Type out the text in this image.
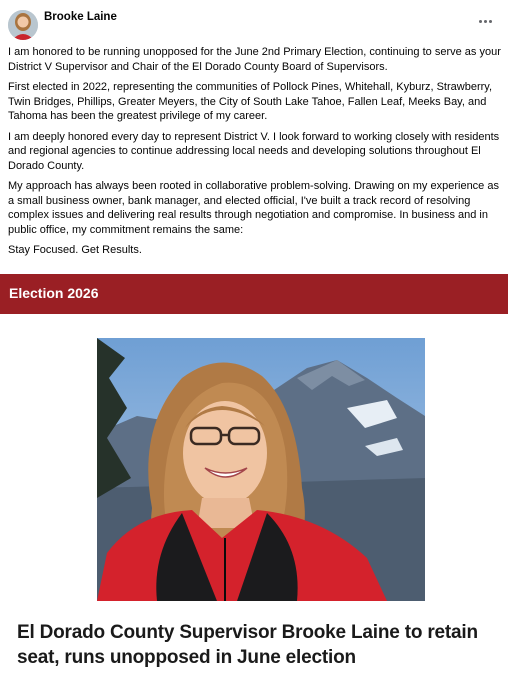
Brooke Laine

I am honored to be running unopposed for the June 2nd Primary Election, continuing to serve as your District V Supervisor and Chair of the El Dorado County Board of Supervisors.

First elected in 2022, representing the communities of Pollock Pines, Whitehall, Kyburz, Strawberry, Twin Bridges, Phillips, Greater Meyers, the City of South Lake Tahoe, Fallen Leaf, Meeks Bay, and Tahoma has been the greatest privilege of my career.

I am deeply honored every day to represent District V. I look forward to working closely with residents and regional agencies to continue addressing local needs and developing solutions throughout El Dorado County.

My approach has always been rooted in collaborative problem-solving. Drawing on my experience as a small business owner, bank manager, and elected official, I've built a track record of resolving complex issues and delivering real results through negotiation and compromise. In business and in public office, my commitment remains the same:

Stay Focused. Get Results.

Election 2026
El Dorado County Supervisor Brooke Laine to retain seat, runs unopposed in June election
